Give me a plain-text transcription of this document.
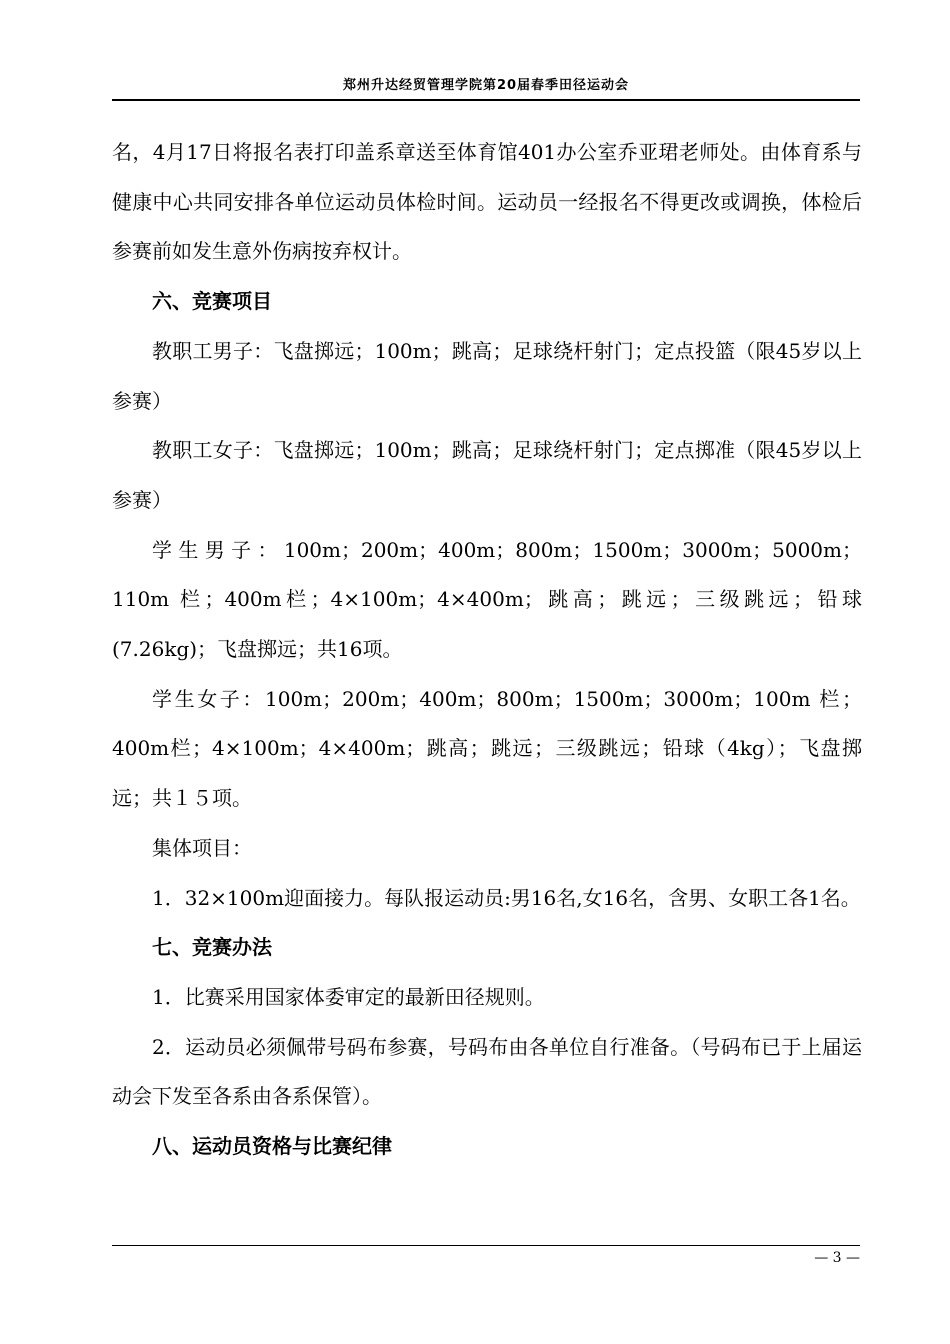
郑州升达经贸管理学院第20届春季田径运动会

名，4月17日将报名表打印盖系章送至体育馆401办公室乔亚珺老师处。由体育系与健康中心共同安排各单位运动员体检时间。运动员一经报名不得更改或调换，体检后参赛前如发生意外伤病按弃权计。

六、竞赛项目

教职工男子：飞盘掷远；100m；跳高；足球绕杆射门；定点投篮（限45岁以上参赛）

教职工女子：飞盘掷远；100m；跳高；足球绕杆射门；定点掷准（限45岁以上参赛）

学生男子：100m；200m；400m；800m；1500m；3000m；5000m；110m 栏；400m栏；4×100m；4×400m；跳高；跳远；三级跳远；铅球(7.26kg)；飞盘掷远；共16项。

学生女子：100m；200m；400m；800m；1500m；3000m；100m 栏；400m栏；4×100m；4×400m；跳高；跳远；三级跳远；铅球（4kg）；飞盘掷远；共１５项。

集体项目：

1．32×100m迎面接力。每队报运动员:男16名,女16名，含男、女职工各1名。

七、竞赛办法

1．比赛采用国家体委审定的最新田径规则。

2．运动员必须佩带号码布参赛，号码布由各单位自行准备。（号码布已于上届运动会下发至各系由各系保管）。

八、运动员资格与比赛纪律
— 3 —
